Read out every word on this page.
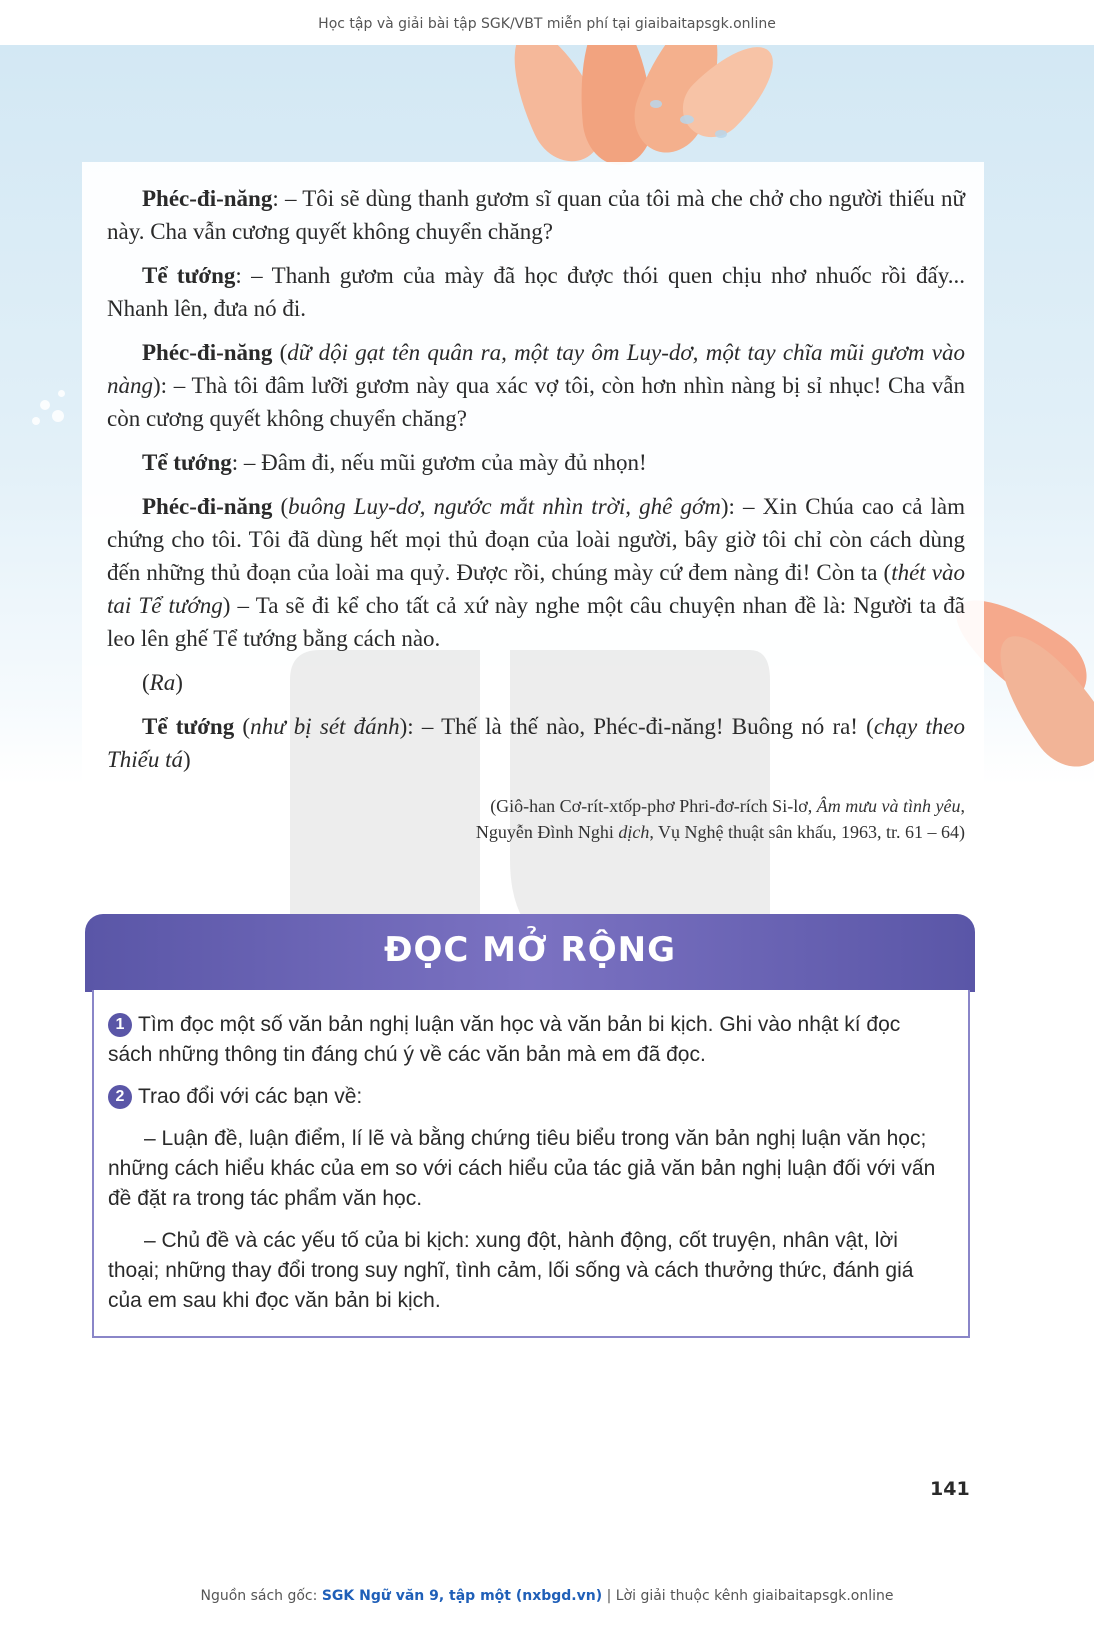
Học tập và giải bài tập SGK/VBT miễn phí tại giaibaitapsgk.online

Phéc-đi-năng: – Tôi sẽ dùng thanh gươm sĩ quan của tôi mà che chở cho người thiếu nữ này. Cha vẫn cương quyết không chuyển chăng?

Tể tướng: – Thanh gươm của mày đã học được thói quen chịu nhơ nhuốc rồi đấy... Nhanh lên, đưa nó đi.

Phéc-đi-năng (dữ dội gạt tên quân ra, một tay ôm Luy-dơ, một tay chĩa mũi gươm vào nàng): – Thà tôi đâm lưỡi gươm này qua xác vợ tôi, còn hơn nhìn nàng bị sỉ nhục! Cha vẫn còn cương quyết không chuyển chăng?

Tể tướng: – Đâm đi, nếu mũi gươm của mày đủ nhọn!

Phéc-đi-năng (buông Luy-dơ, ngước mắt nhìn trời, ghê gớm): – Xin Chúa cao cả làm chứng cho tôi. Tôi đã dùng hết mọi thủ đoạn của loài người, bây giờ tôi chỉ còn cách dùng đến những thủ đoạn của loài ma quỷ. Được rồi, chúng mày cứ đem nàng đi! Còn ta (thét vào tai Tể tướng) – Ta sẽ đi kể cho tất cả xứ này nghe một câu chuyện nhan đề là: Người ta đã leo lên ghế Tể tướng bằng cách nào.

(Ra)

Tể tướng (như bị sét đánh): – Thế là thế nào, Phéc-đi-năng! Buông nó ra! (chạy theo Thiếu tá)

(Giô-han Cơ-rít-xtốp-phơ Phri-đơ-rích Si-lơ, Âm mưu và tình yêu,
Nguyễn Đình Nghi dịch, Vụ Nghệ thuật sân khấu, 1963, tr. 61 – 64)
ĐỌC MỞ RỘNG

1 Tìm đọc một số văn bản nghị luận văn học và văn bản bi kịch. Ghi vào nhật kí đọc sách những thông tin đáng chú ý về các văn bản mà em đã đọc.

2 Trao đổi với các bạn về:

– Luận đề, luận điểm, lí lẽ và bằng chứng tiêu biểu trong văn bản nghị luận văn học; những cách hiểu khác của em so với cách hiểu của tác giả văn bản nghị luận đối với vấn đề đặt ra trong tác phẩm văn học.

– Chủ đề và các yếu tố của bi kịch: xung đột, hành động, cốt truyện, nhân vật, lời thoại; những thay đổi trong suy nghĩ, tình cảm, lối sống và cách thưởng thức, đánh giá của em sau khi đọc văn bản bi kịch.

141
Nguồn sách gốc: SGK Ngữ văn 9, tập một (nxbgd.vn) | Lời giải thuộc kênh giaibaitapsgk.online
